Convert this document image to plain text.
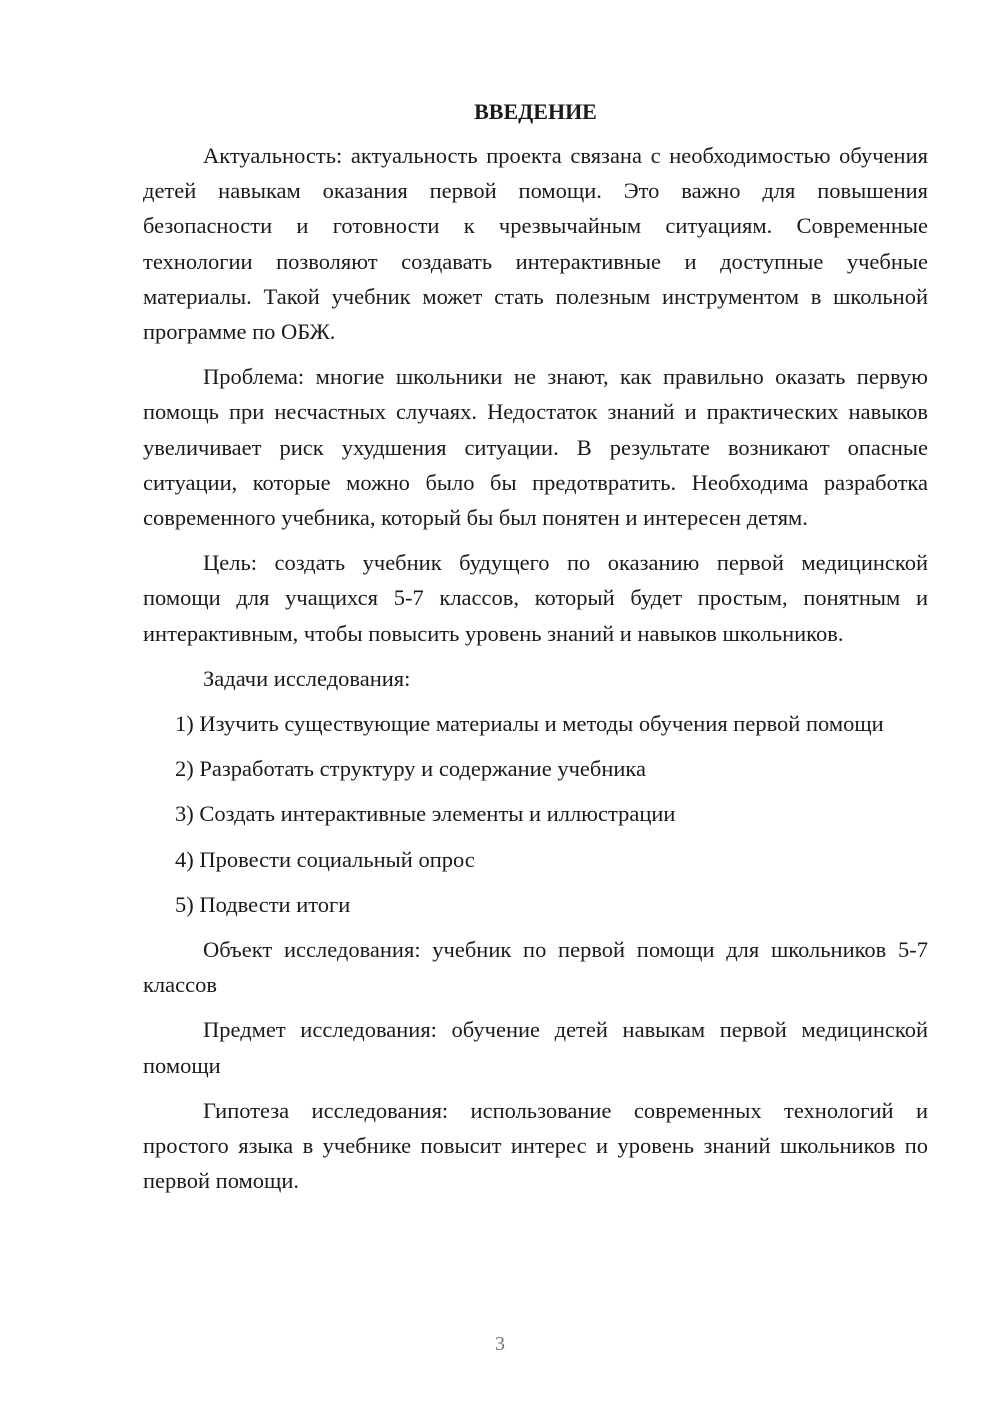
ВВЕДЕНИЕ

Актуальность: актуальность проекта связана с необходимостью обучения детей навыкам оказания первой помощи. Это важно для повышения безопасности и готовности к чрезвычайным ситуациям. Современные технологии позволяют создавать интерактивные и доступные учебные материалы. Такой учебник может стать полезным инструментом в школьной программе по ОБЖ.

Проблема: многие школьники не знают, как правильно оказать первую помощь при несчастных случаях. Недостаток знаний и практических навыков увеличивает риск ухудшения ситуации. В результате возникают опасные ситуации, которые можно было бы предотвратить. Необходима разработка современного учебника, который бы был понятен и интересен детям.

Цель: создать учебник будущего по оказанию первой медицинской помощи для учащихся 5-7 классов, который будет простым, понятным и интерактивным, чтобы повысить уровень знаний и навыков школьников.

Задачи исследования:

1) Изучить существующие материалы и методы обучения первой помощи

2) Разработать структуру и содержание учебника

3) Создать интерактивные элементы и иллюстрации

4) Провести социальный опрос

5) Подвести итоги

Объект исследования: учебник по первой помощи для школьников 5-7 классов

Предмет исследования: обучение детей навыкам первой медицинской помощи

Гипотеза исследования: использование современных технологий и простого языка в учебнике повысит интерес и уровень знаний школьников по первой помощи.

3
